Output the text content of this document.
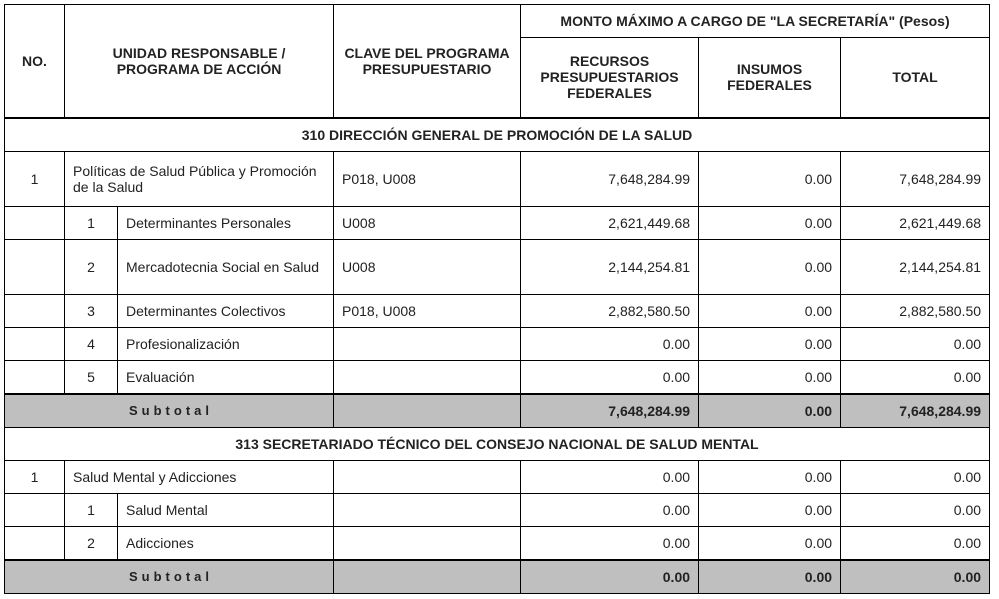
NO.	UNIDAD RESPONSABLE / PROGRAMA DE ACCIÓN		CLAVE DEL PROGRAMA PRESUPUESTARIO	MONTO MÁXIMO A CARGO DE "LA SECRETARÍA" (Pesos)		
				RECURSOS PRESUPUESTARIOS FEDERALES	INSUMOS FEDERALES	TOTAL
310 DIRECCIÓN GENERAL DE PROMOCIÓN DE LA SALUD						
1	Políticas de Salud Pública y Promoción de la Salud		P018, U008	7,648,284.99	0.00	7,648,284.99
	1	Determinantes Personales	U008	2,621,449.68	0.00	2,621,449.68
	2	Mercadotecnia Social en Salud	U008	2,144,254.81	0.00	2,144,254.81
	3	Determinantes Colectivos	P018, U008	2,882,580.50	0.00	2,882,580.50
	4	Profesionalización		0.00	0.00	0.00
	5	Evaluación		0.00	0.00	0.00
Subtotal				7,648,284.99	0.00	7,648,284.99
313 SECRETARIADO TÉCNICO DEL CONSEJO NACIONAL DE SALUD MENTAL						
1	Salud Mental y Adicciones			0.00	0.00	0.00
	1	Salud Mental		0.00	0.00	0.00
	2	Adicciones		0.00	0.00	0.00
Subtotal				0.00	0.00	0.00
